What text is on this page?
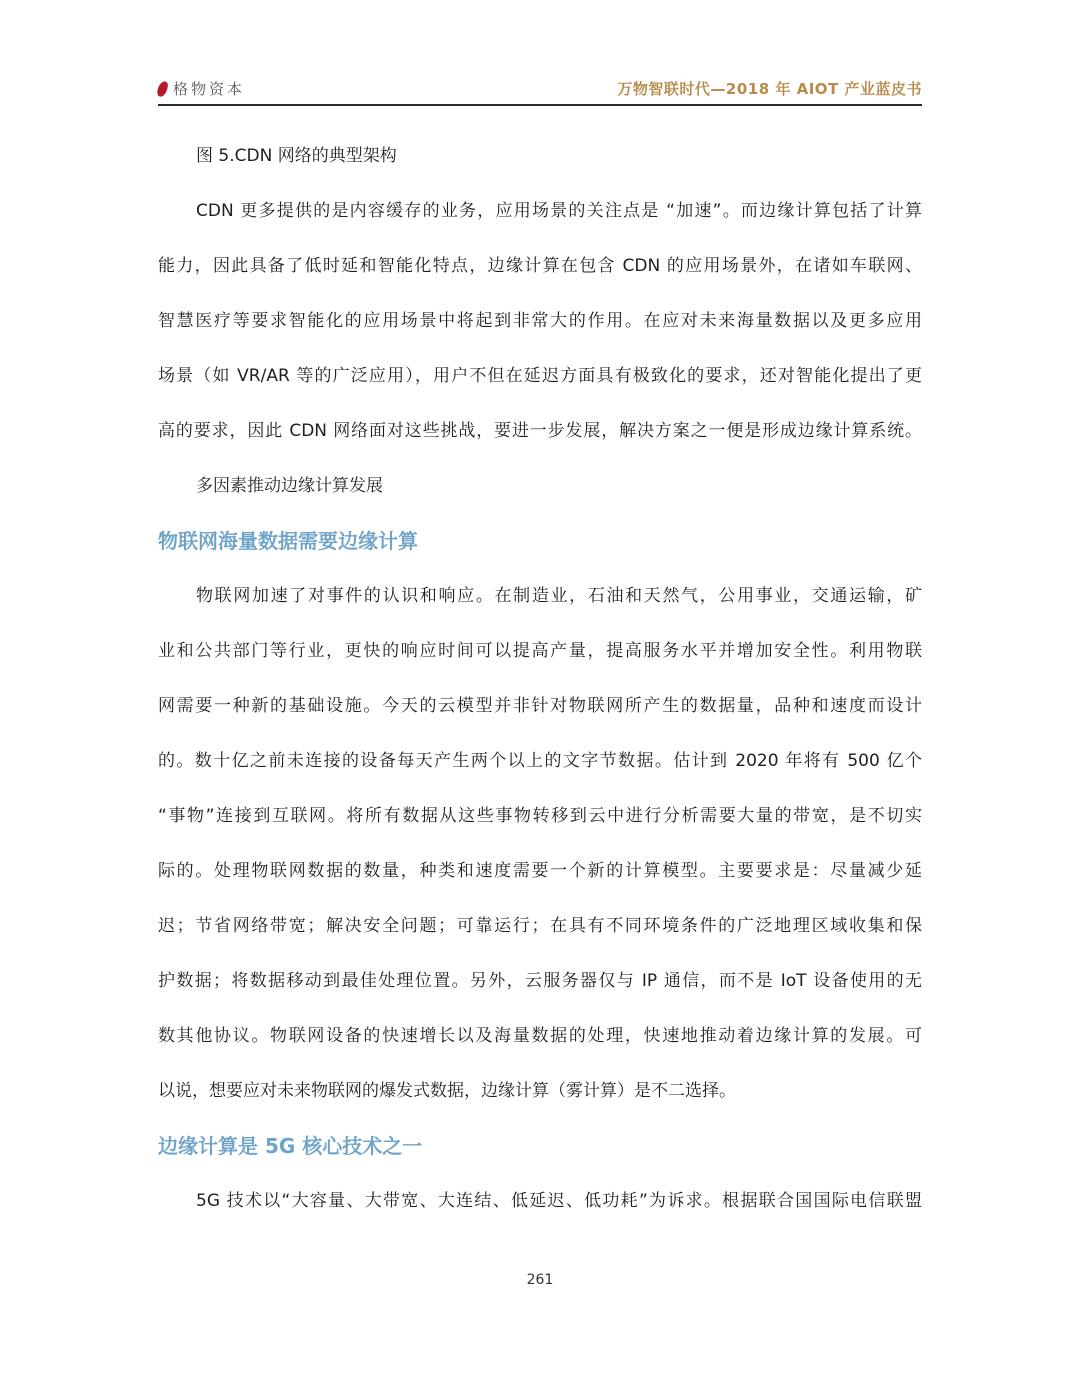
格物资本	万物智联时代—2018 年 AIOT 产业蓝皮书

图 5.CDN 网络的典型架构

CDN 更多提供的是内容缓存的业务，应用场景的关注点是 “加速”。而边缘计算包括了计算

能力，因此具备了低时延和智能化特点，边缘计算在包含 CDN 的应用场景外，在诸如车联网、

智慧医疗等要求智能化的应用场景中将起到非常大的作用。在应对未来海量数据以及更多应用

场景（如 VR/AR 等的广泛应用），用户不但在延迟方面具有极致化的要求，还对智能化提出了更

高的要求，因此 CDN 网络面对这些挑战，要进一步发展，解决方案之一便是形成边缘计算系统。

多因素推动边缘计算发展

物联网海量数据需要边缘计算

物联网加速了对事件的认识和响应。在制造业，石油和天然气，公用事业，交通运输，矿

业和公共部门等行业，更快的响应时间可以提高产量，提高服务水平并增加安全性。利用物联

网需要一种新的基础设施。今天的云模型并非针对物联网所产生的数据量，品种和速度而设计

的。数十亿之前未连接的设备每天产生两个以上的文字节数据。估计到 2020 年将有 500 亿个

“事物”连接到互联网。将所有数据从这些事物转移到云中进行分析需要大量的带宽，是不切实

际的。处理物联网数据的数量，种类和速度需要一个新的计算模型。主要要求是：尽量减少延

迟；节省网络带宽；解决安全问题；可靠运行；在具有不同环境条件的广泛地理区域收集和保

护数据；将数据移动到最佳处理位置。另外，云服务器仅与 IP 通信，而不是 IoT 设备使用的无

数其他协议。物联网设备的快速增长以及海量数据的处理，快速地推动着边缘计算的发展。可

以说，想要应对未来物联网的爆发式数据，边缘计算（雾计算）是不二选择。

边缘计算是 5G 核心技术之一

5G 技术以“大容量、大带宽、大连结、低延迟、低功耗”为诉求。根据联合国国际电信联盟

261
